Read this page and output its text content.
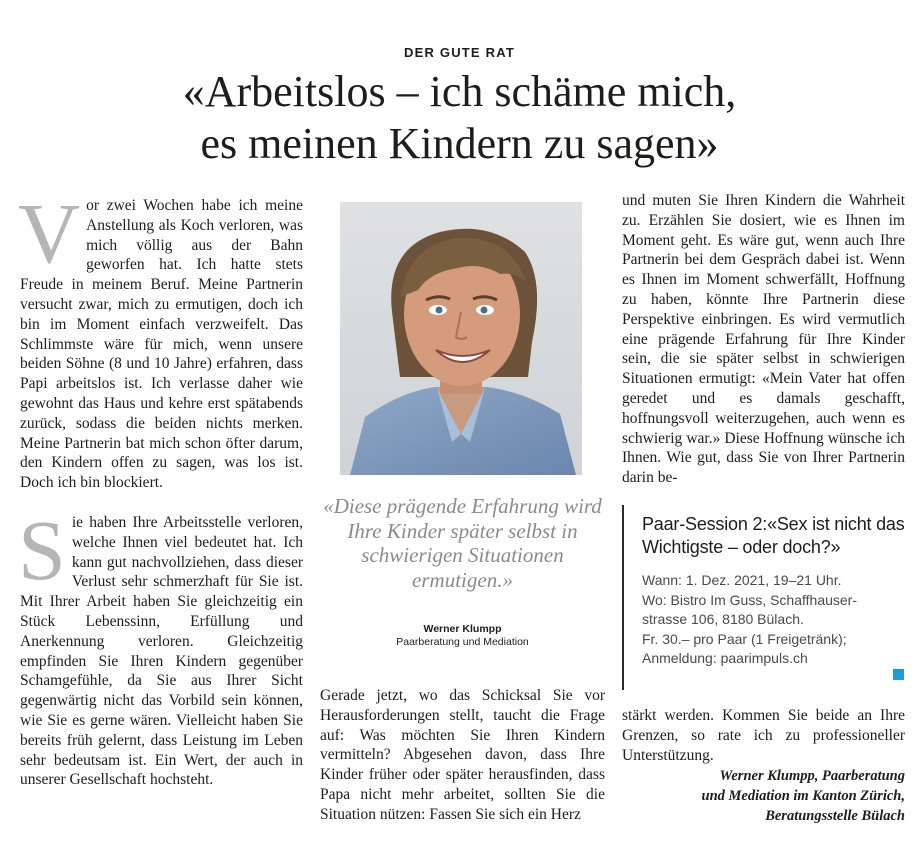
DER GUTE RAT
«Arbeitslos – ich schäme mich,
es meinen Kindern zu sagen»

Vor zwei Wochen habe ich meine Anstellung als Koch verloren, was mich völlig aus der Bahn geworfen hat. Ich hatte stets Freude in meinem Beruf. Meine Partnerin versucht zwar, mich zu ermutigen, doch ich bin im Moment einfach verzweifelt. Das Schlimmste wäre für mich, wenn unsere beiden Söhne (8 und 10 Jahre) erfahren, dass Papi arbeitslos ist. Ich verlasse daher wie gewohnt das Haus und kehre erst spätabends zurück, sodass die beiden nichts merken. Meine Partnerin bat mich schon öfter darum, den Kindern offen zu sagen, was los ist. Doch ich bin blockiert.

Sie haben Ihre Arbeitsstelle verloren, welche Ihnen viel bedeutet hat. Ich kann gut nachvollziehen, dass dieser Verlust sehr schmerzhaft für Sie ist. Mit Ihrer Arbeit haben Sie gleichzeitig ein Stück Lebenssinn, Erfüllung und Anerkennung verloren. Gleichzeitig empfinden Sie Ihren Kindern gegenüber Schamgefühle, da Sie aus Ihrer Sicht gegenwärtig nicht das Vorbild sein können, wie Sie es gerne wären. Vielleicht haben Sie bereits früh gelernt, dass Leistung im Leben sehr bedeutsam ist. Ein Wert, der auch in unserer Gesellschaft hochsteht.

«Diese prägende Erfahrung wird Ihre Kinder später selbst in schwierigen Situationen ermutigen.»
Werner Klumpp
Paarberatung und Mediation

Gerade jetzt, wo das Schicksal Sie vor Herausforderungen stellt, taucht die Frage auf: Was möchten Sie Ihren Kindern vermitteln? Abgesehen davon, dass Ihre Kinder früher oder später herausfinden, dass Papa nicht mehr arbeitet, sollten Sie die Situation nützen: Fassen Sie sich ein Herz

und muten Sie Ihren Kindern die Wahrheit zu. Erzählen Sie dosiert, wie es Ihnen im Moment geht. Es wäre gut, wenn auch Ihre Partnerin bei dem Gespräch dabei ist. Wenn es Ihnen im Moment schwerfällt, Hoffnung zu haben, könnte Ihre Partnerin diese Perspektive einbringen. Es wird vermutlich eine prägende Erfahrung für Ihre Kinder sein, die sie später selbst in schwierigen Situationen ermutigt: «Mein Vater hat offen geredet und es damals geschafft, hoffnungsvoll weiterzugehen, auch wenn es schwierig war.» Diese Hoffnung wünsche ich Ihnen. Wie gut, dass Sie von Ihrer Partnerin darin be-

Paar-Session 2:«Sex ist nicht das Wichtigste – oder doch?»
Wann: 1. Dez. 2021, 19–21 Uhr.
Wo: Bistro Im Guss, Schaffhauser-
strasse 106, 8180 Bülach.
Fr. 30.– pro Paar (1 Freigetränk);
Anmeldung: paarimpuls.ch

stärkt werden. Kommen Sie beide an Ihre Grenzen, so rate ich zu professioneller Unterstützung.

Werner Klumpp, Paarberatung
und Mediation im Kanton Zürich,
Beratungsstelle Bülach
